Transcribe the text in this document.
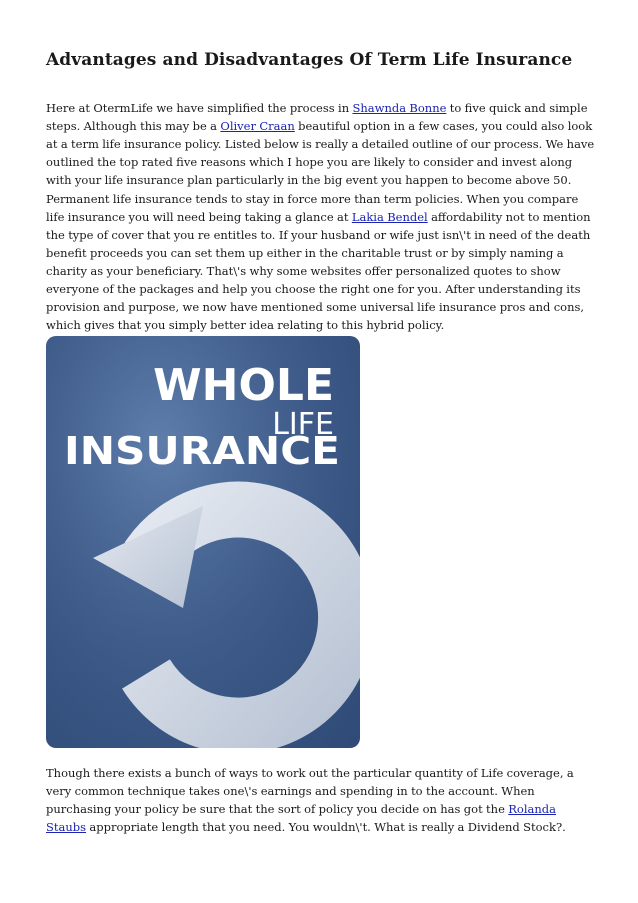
Advantages and Disadvantages Of Term Life Insurance

Here at OtermLife we have simplified the process in Shawnda Bonne to five quick and simple steps. Although this may be a Oliver Craan beautiful option in a few cases, you could also look at a term life insurance policy. Listed below is really a detailed outline of our process. We have outlined the top rated five reasons which I hope you are likely to consider and invest along with your life insurance plan particularly in the big event you happen to become above 50.

Permanent life insurance tends to stay in force more than term policies. When you compare life insurance you will need being taking a glance at Lakia Bendel affordability not to mention the type of cover that you re entitles to. If your husband or wife just isn\'t in need of the death benefit proceeds you can set them up either in the charitable trust or by simply naming a charity as your beneficiary. That\'s why some websites offer personalized quotes to show everyone of the packages and help you choose the right one for you. After understanding its provision and purpose, we now have mentioned some universal life insurance pros and cons, which gives that you simply better idea relating to this hybrid policy.

WHOLE
LIFE
INSURANCE

Though there exists a bunch of ways to work out the particular quantity of Life coverage, a very common technique takes one\'s earnings and spending in to the account. When purchasing your policy be sure that the sort of policy you decide on has got the Rolanda Staubs appropriate length that you need. You wouldn\'t. What is really a Dividend Stock?.
